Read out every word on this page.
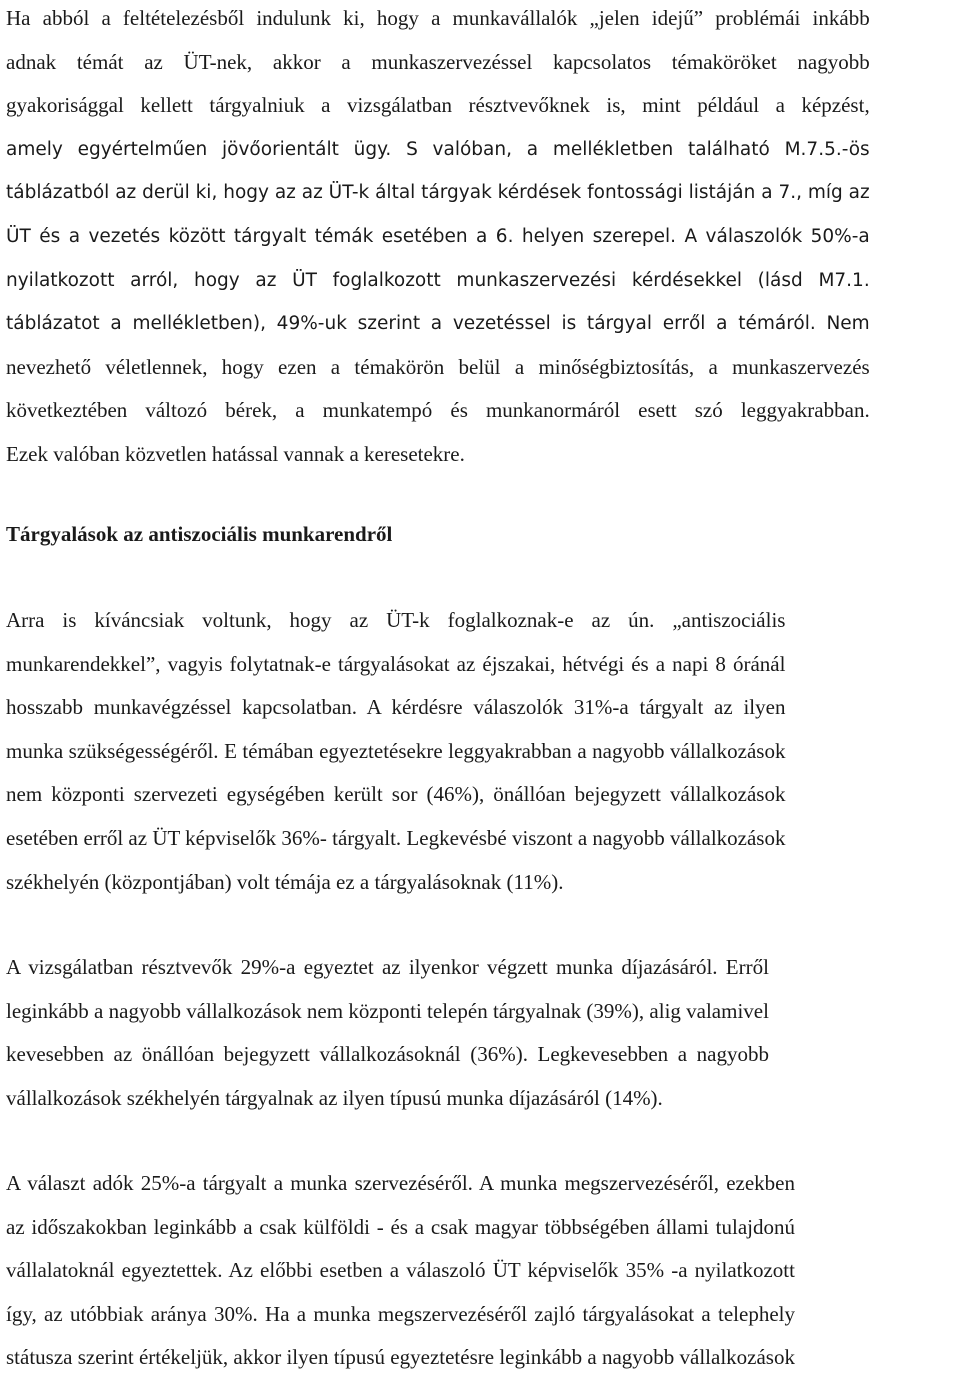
Ha abból a feltételezésből indulunk ki, hogy a munkavállalók „jelen idejű” problémái inkább
adnak témát az ÜT-nek, akkor a munkaszervezéssel kapcsolatos témaköröket nagyobb
gyakorisággal kellett tárgyalniuk a vizsgálatban résztvevőknek is, mint például a képzést,
amely egyértelműen jövőorientált ügy. S valóban, a mellékletben található M.7.5.-ös
táblázatból az derül ki, hogy az az ÜT-k által tárgyak kérdések fontossági listáján a 7., míg az
ÜT és a vezetés között tárgyalt témák esetében a 6. helyen szerepel. A válaszolók 50%-a
nyilatkozott arról, hogy az ÜT foglalkozott munkaszervezési kérdésekkel (lásd M7.1.
táblázatot a mellékletben), 49%-uk szerint a vezetéssel is tárgyal erről a témáról. Nem
nevezhető véletlennek, hogy ezen a témakörön belül a minőségbiztosítás, a munkaszervezés
következtében változó bérek, a munkatempó és munkanormáról esett szó leggyakrabban.
Ezek valóban közvetlen hatással vannak a keresetekre.
Tárgyalások az antiszociális munkarendről
Arra is kíváncsiak voltunk, hogy az ÜT-k foglalkoznak-e az ún. „antiszociális
munkarendekkel”, vagyis folytatnak-e tárgyalásokat az éjszakai, hétvégi és a napi 8 óránál
hosszabb munkavégzéssel kapcsolatban. A kérdésre válaszolók 31%-a tárgyalt az ilyen
munka szükségességéről. E témában egyeztetésekre leggyakrabban a nagyobb vállalkozások
nem központi szervezeti egységében került sor (46%), önállóan bejegyzett vállalkozások
esetében erről az ÜT képviselők 36%- tárgyalt. Legkevésbé viszont a nagyobb vállalkozások
székhelyén (központjában) volt témája ez a tárgyalásoknak (11%).
A vizsgálatban résztvevők 29%-a egyeztet az ilyenkor végzett munka díjazásáról. Erről
leginkább a nagyobb vállalkozások nem központi telepén tárgyalnak (39%), alig valamivel
kevesebben az önállóan bejegyzett vállalkozásoknál (36%). Legkevesebben a nagyobb
vállalkozások székhelyén tárgyalnak az ilyen típusú munka díjazásáról (14%).
A választ adók 25%-a tárgyalt a munka szervezéséről. A munka megszervezéséről, ezekben
az időszakokban leginkább a csak külföldi - és a csak magyar többségében állami tulajdonú
vállalatoknál egyeztettek. Az előbbi esetben a válaszoló ÜT képviselők 35% -a nyilatkozott
így, az utóbbiak aránya 30%. Ha a munka megszervezéséről zajló tárgyalásokat a telephely
státusza szerint értékeljük, akkor ilyen típusú egyeztetésre leginkább a nagyobb vállalkozások
